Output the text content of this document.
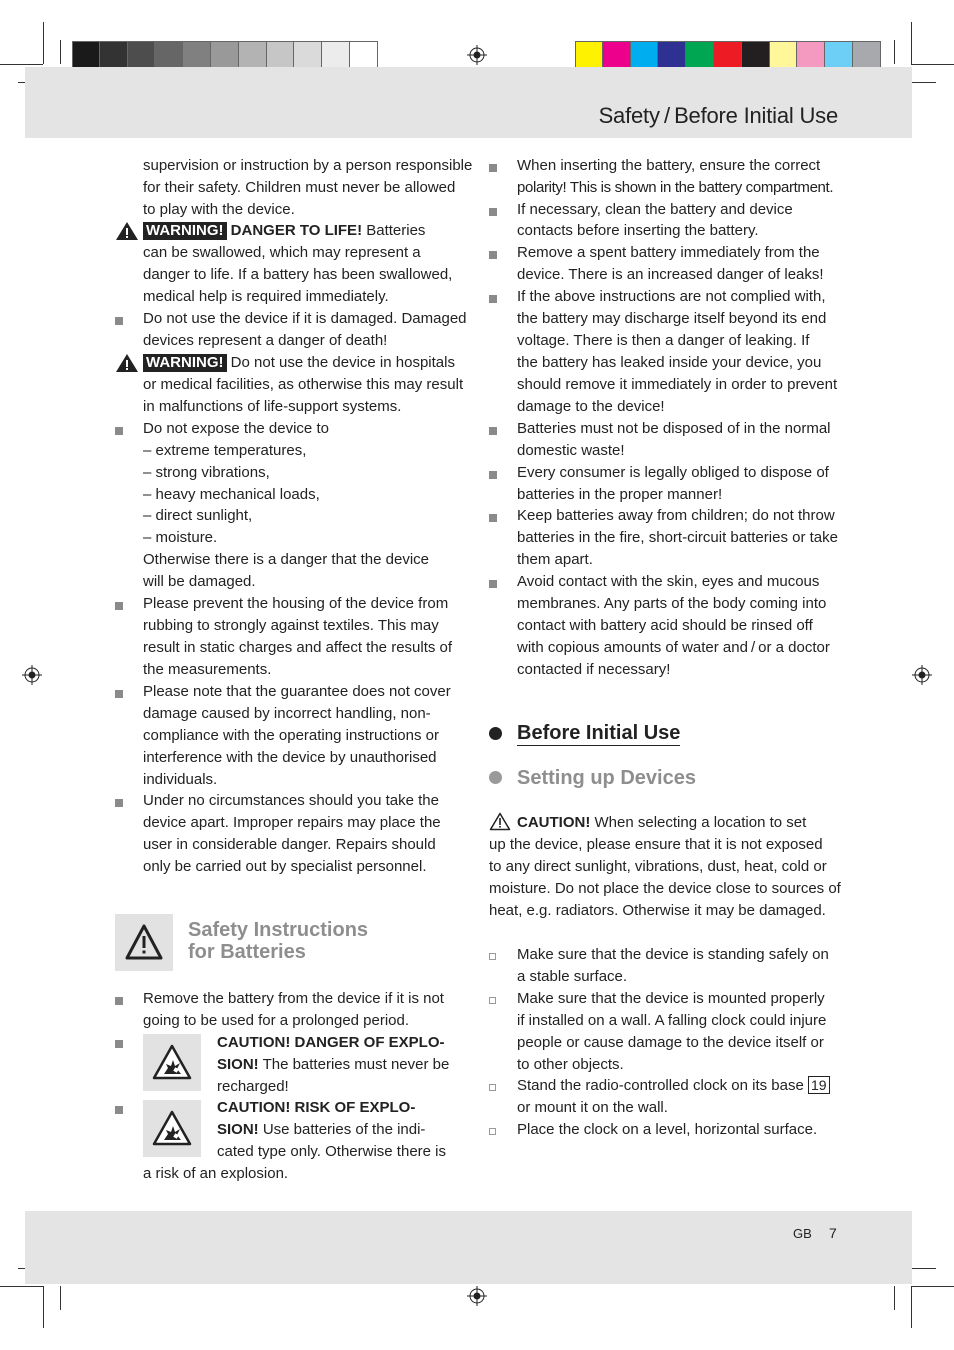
Safety / Before Initial Use
GB 7
supervision or instruction by a person responsible
for their safety. Children must never be allowed
to play with the device.
WARNING! DANGER TO LIFE! Batteries
can be swallowed, which may represent a
danger to life. If a battery has been swallowed,
medical help is required immediately.
Do not use the device if it is damaged. Damaged
devices represent a danger of death!
WARNING! Do not use the device in hospitals
or medical facilities, as otherwise this may result
in malfunctions of life-support systems.
Do not expose the device to
– extreme temperatures,
– strong vibrations,
– heavy mechanical loads,
– direct sunlight,
– moisture.
Otherwise there is a danger that the device
will be damaged.
Please prevent the housing of the device from
rubbing to strongly against textiles. This may
result in static charges and affect the results of
the measurements.
Please note that the guarantee does not cover
damage caused by incorrect handling, non-
compliance with the operating instructions or
interference with the device by unauthorised
individuals.
Under no circumstances should you take the
device apart. Improper repairs may place the
user in considerable danger. Repairs should
only be carried out by specialist personnel.
Safety Instructions
for Batteries
Remove the battery from the device if it is not
going to be used for a prolonged period.
CAUTION! DANGER OF EXPLO-
SION! The batteries must never be
recharged!
CAUTION! RISK OF EXPLO-
SION! Use batteries of the indi-
cated type only. Otherwise there is
a risk of an explosion.
When inserting the battery, ensure the correct
polarity! This is shown in the battery compartment.
If necessary, clean the battery and device
contacts before inserting the battery.
Remove a spent battery immediately from the
device. There is an increased danger of leaks!
If the above instructions are not complied with,
the battery may discharge itself beyond its end
voltage. There is then a danger of leaking. If
the battery has leaked inside your device, you
should remove it immediately in order to prevent
damage to the device!
Batteries must not be disposed of in the normal
domestic waste!
Every consumer is legally obliged to dispose of
batteries in the proper manner!
Keep batteries away from children; do not throw
batteries in the fire, short-circuit batteries or take
them apart.
Avoid contact with the skin, eyes and mucous
membranes. Any parts of the body coming into
contact with battery acid should be rinsed off
with copious amounts of water and / or a doctor
contacted if necessary!
Before Initial Use
Setting up Devices
CAUTION! When selecting a location to set
up the device, please ensure that it is not exposed
to any direct sunlight, vibrations, dust, heat, cold or
moisture. Do not place the device close to sources of
heat, e.g. radiators. Otherwise it may be damaged.
Make sure that the device is standing safely on
a stable surface.
Make sure that the device is mounted properly
if installed on a wall. A falling clock could injure
people or cause damage to the device itself or
to other objects.
Stand the radio-controlled clock on its base 19
or mount it on the wall.
Place the clock on a level, horizontal surface.
